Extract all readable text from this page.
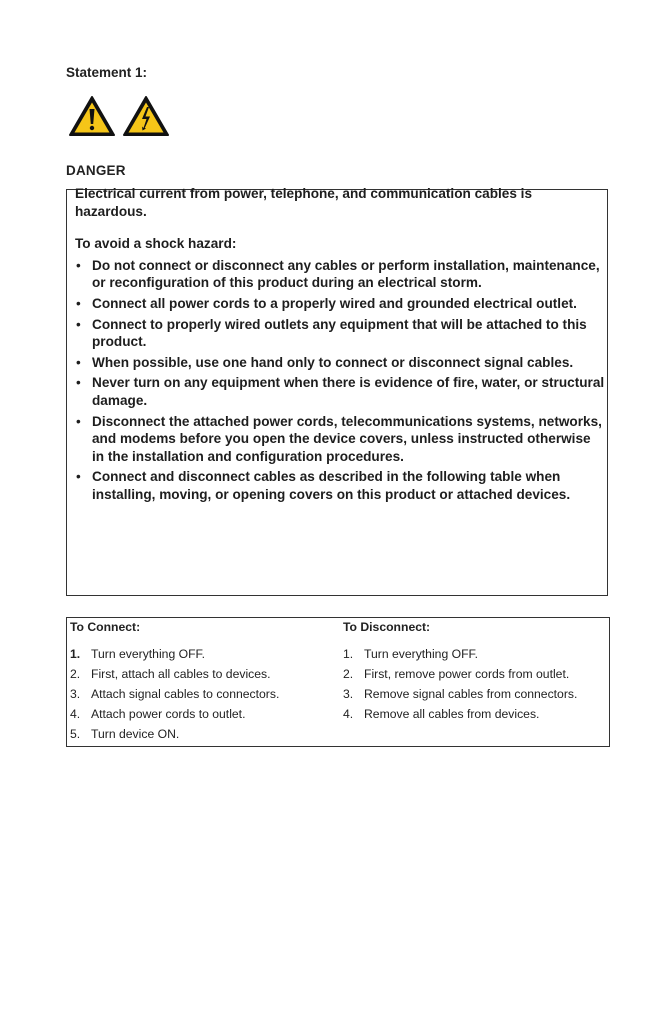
Statement 1:
DANGER

Electrical current from power, telephone, and communication cables is hazardous.

To avoid a shock hazard:

• Do not connect or disconnect any cables or perform installation, maintenance, or reconfiguration of this product during an electrical storm.
• Connect all power cords to a properly wired and grounded electrical outlet.
• Connect to properly wired outlets any equipment that will be attached to this product.
• When possible, use one hand only to connect or disconnect signal cables.
• Never turn on any equipment when there is evidence of fire, water, or structural damage.
• Disconnect the attached power cords, telecommunications systems, networks, and modems before you open the device covers, unless instructed otherwise in the installation and configuration procedures.
• Connect and disconnect cables as described in the following table when installing, moving, or opening covers on this product or attached devices.
To Connect:
1. Turn everything OFF.
2. First, attach all cables to devices.
3. Attach signal cables to connectors.
4. Attach power cords to outlet.
5. Turn device ON.
To Disconnect:
1. Turn everything OFF.
2. First, remove power cords from outlet.
3. Remove signal cables from connectors.
4. Remove all cables from devices.
